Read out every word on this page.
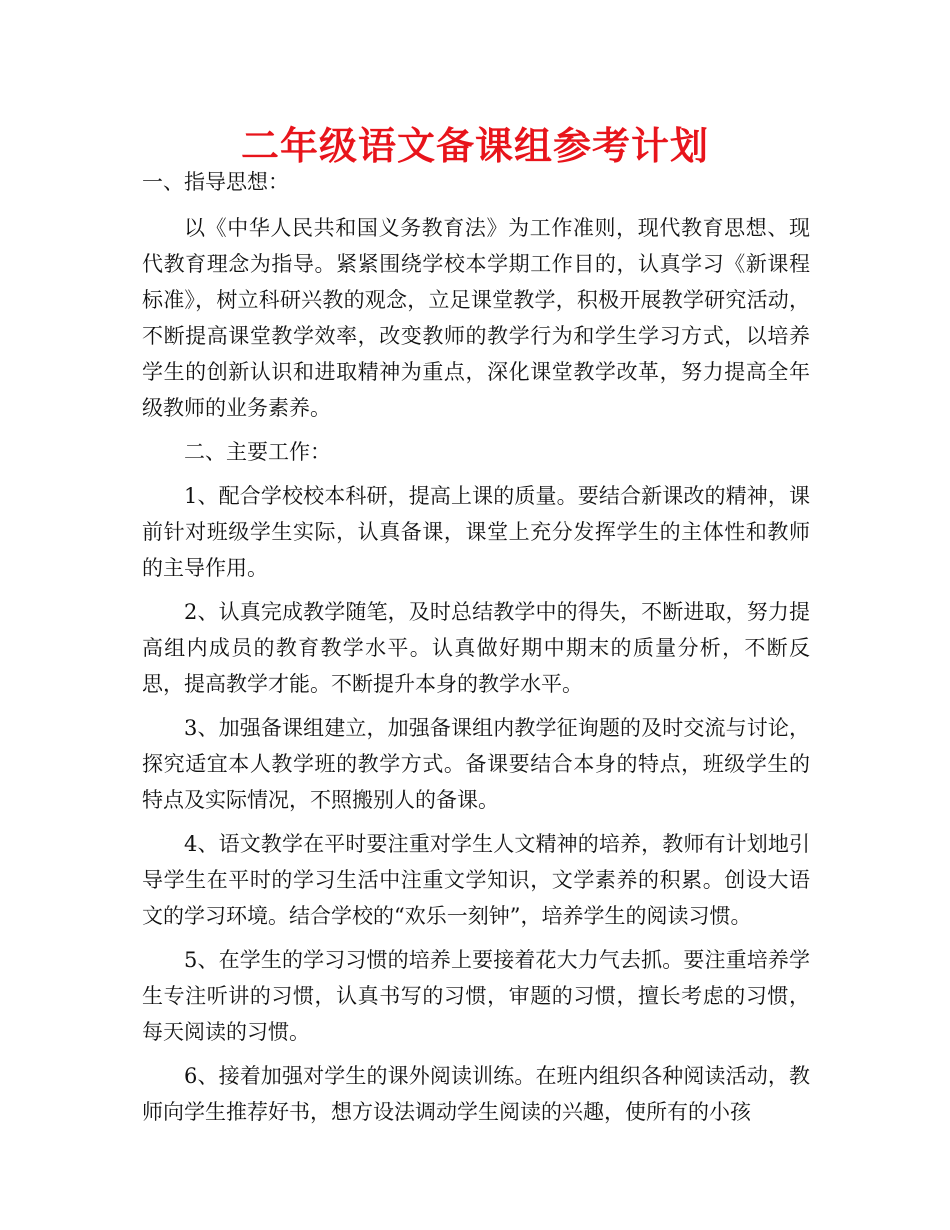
二年级语文备课组参考计划

一、指导思想：

以《中华人民共和国义务教育法》为工作准则，现代教育思想、现代教育理念为指导。紧紧围绕学校本学期工作目的，认真学习《新课程标准》，树立科研兴教的观念，立足课堂教学，积极开展教学研究活动，不断提高课堂教学效率，改变教师的教学行为和学生学习方式，以培养学生的创新认识和进取精神为重点，深化课堂教学改革，努力提高全年级教师的业务素养。

二、主要工作：

1、配合学校校本科研，提高上课的质量。要结合新课改的精神，课前针对班级学生实际，认真备课，课堂上充分发挥学生的主体性和教师的主导作用。

2、认真完成教学随笔，及时总结教学中的得失，不断进取，努力提高组内成员的教育教学水平。认真做好期中期末的质量分析，不断反思，提高教学才能。不断提升本身的教学水平。

3、加强备课组建立，加强备课组内教学征询题的及时交流与讨论，探究适宜本人教学班的教学方式。备课要结合本身的特点，班级学生的特点及实际情况，不照搬别人的备课。

4、语文教学在平时要注重对学生人文精神的培养，教师有计划地引导学生在平时的学习生活中注重文学知识，文学素养的积累。创设大语文的学习环境。结合学校的“欢乐一刻钟”，培养学生的阅读习惯。

5、在学生的学习习惯的培养上要接着花大力气去抓。要注重培养学生专注听讲的习惯，认真书写的习惯，审题的习惯，擅长考虑的习惯，每天阅读的习惯。

6、接着加强对学生的课外阅读训练。在班内组织各种阅读活动，教师向学生推荐好书，想方设法调动学生阅读的兴趣，使所有的小孩
